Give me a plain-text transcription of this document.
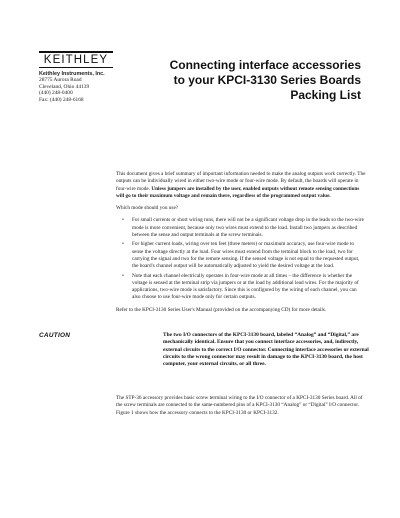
KEITHLEY
Keithley Instruments, Inc.
28775 Aurora Road
Cleveland, Ohio 44139
(440) 248-0400
Fax: (440) 248-6168
Connecting interface accessories
to your KPCI-3130 Series Boards
Packing List

This document gives a brief summary of important information needed to make the analog outputs work correctly. The outputs can be individually wired in either two-wire mode or four-wire mode. By default, the boards will operate in four-wire mode. Unless jumpers are installed by the user, enabled outputs without remote sensing connections will go to their maximum voltage and remain there, regardless of the programmed output value.

Which mode should you use?

• For small currents or short wiring runs, there will not be a significant voltage drop in the leads so the two-wire mode is more convenient, because only two wires must extend to the load. Install two jumpers as described between the sense and output terminals at the screw terminals.
• For higher current loads, wiring over ten feet (three meters) or maximum accuracy, use four-wire mode to sense the voltage directly at the load. Four wires must extend from the terminal block to the load, two for carrying the signal and two for the remote sensing. If the sensed voltage is not equal to the requested output, the board's channel output will be automatically adjusted to yield the desired voltage at the load.
• Note that each channel electrically operates in four-wire mode at all times – the difference is whether the voltage is sensed at the terminal strip via jumpers or at the load by additional lead wires. For the majority of applications, two-wire mode is satisfactory. Since this is configured by the wiring of each channel, you can also choose to use four-wire mode only for certain outputs.

Refer to the KPCI-3130 Series User's Manual (provided on the accompanying CD) for more details.

CAUTION	The two I/O connectors of the KPCI-3130 board, labeled “Analog” and “Digital,” are mechanically identical. Ensure that you connect interface accessories, and, indirectly, external circuits to the correct I/O connector. Connecting interface accessories or external circuits to the wrong connector may result in damage to the KPCI-3130 board, the host computer, your external circuits, or all three.

The STP-36 accessory provides basic screw terminal wiring to the I/O connector of a KPCI-3130 Series board. All of the screw terminals are connected to the same-numbered pins of a KPCI-3130 “Analog” or “Digital” I/O connector. Figure 1 shows how the accessory connects to the KPCI-3130 or KPCI-3132.
